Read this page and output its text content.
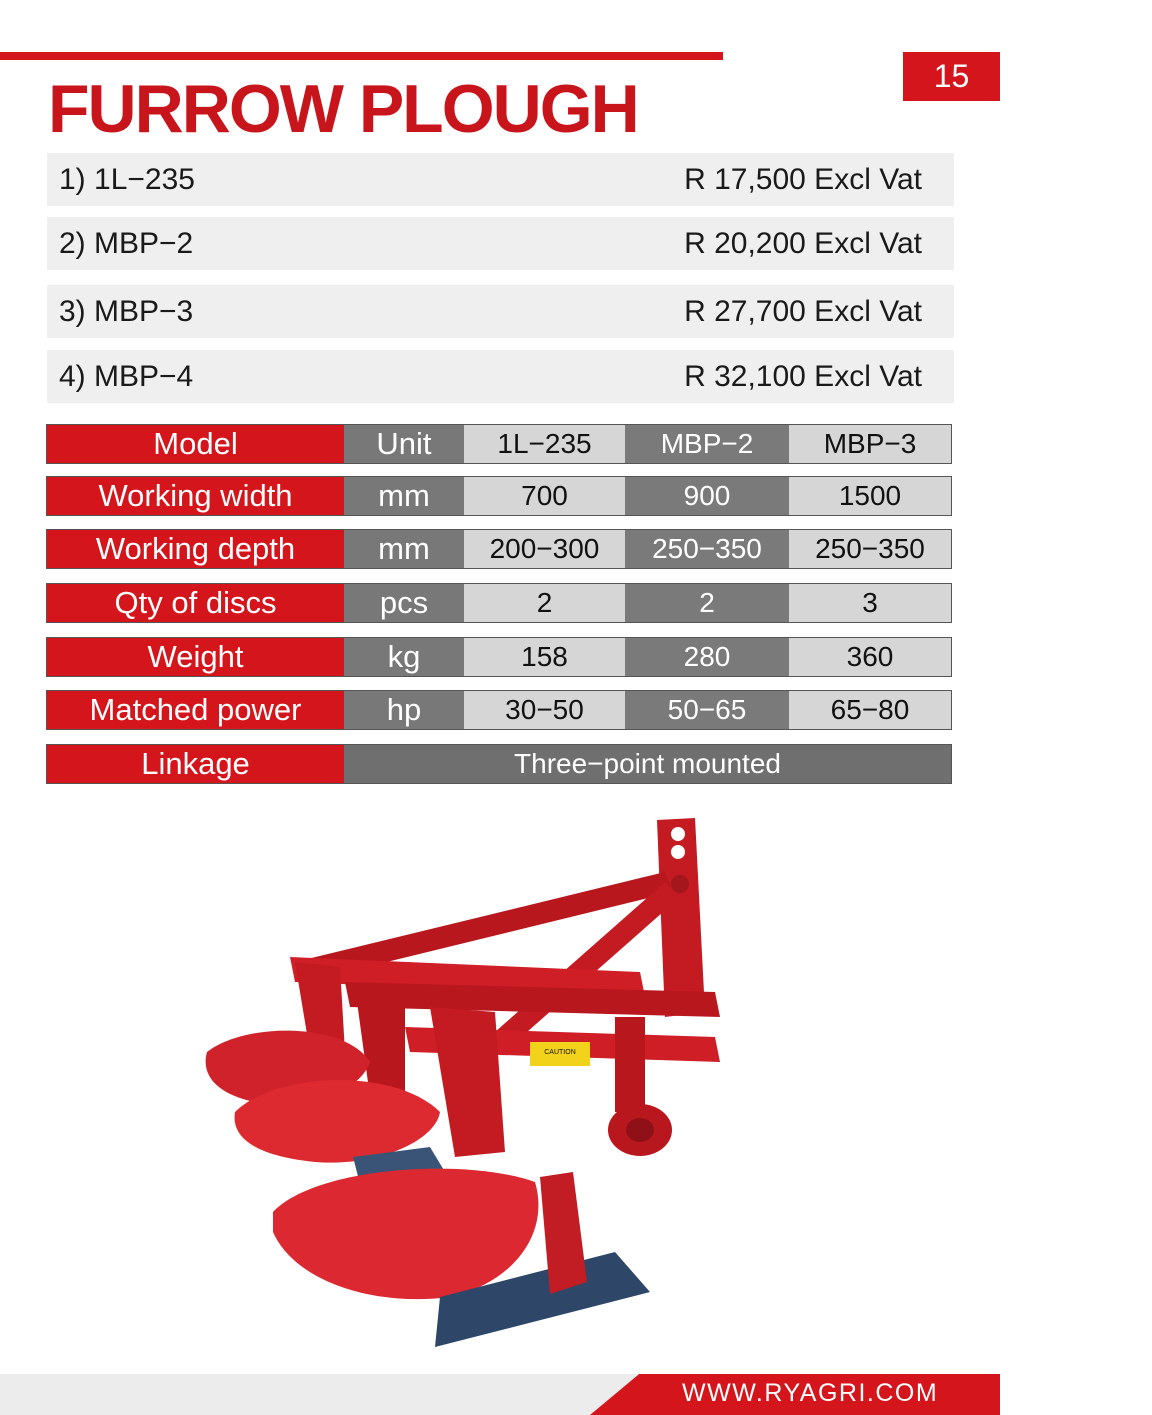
15
FURROW PLOUGH
1) 1L−235	R 17,500 Excl Vat
2) MBP−2	R 20,200 Excl Vat
3) MBP−3	R 27,700 Excl Vat
4) MBP−4	R 32,100 Excl Vat
Model	Unit	1L−235	MBP−2	MBP−3
Working width	mm	700	900	1500
Working depth	mm	200−300	250−350	250−350
Qty of discs	pcs	2	2	3
Weight	kg	158	280	360
Matched power	hp	30−50	50−65	65−80
Linkage	Three−point mounted
CAUTION
WWW.RYAGRI.COM
